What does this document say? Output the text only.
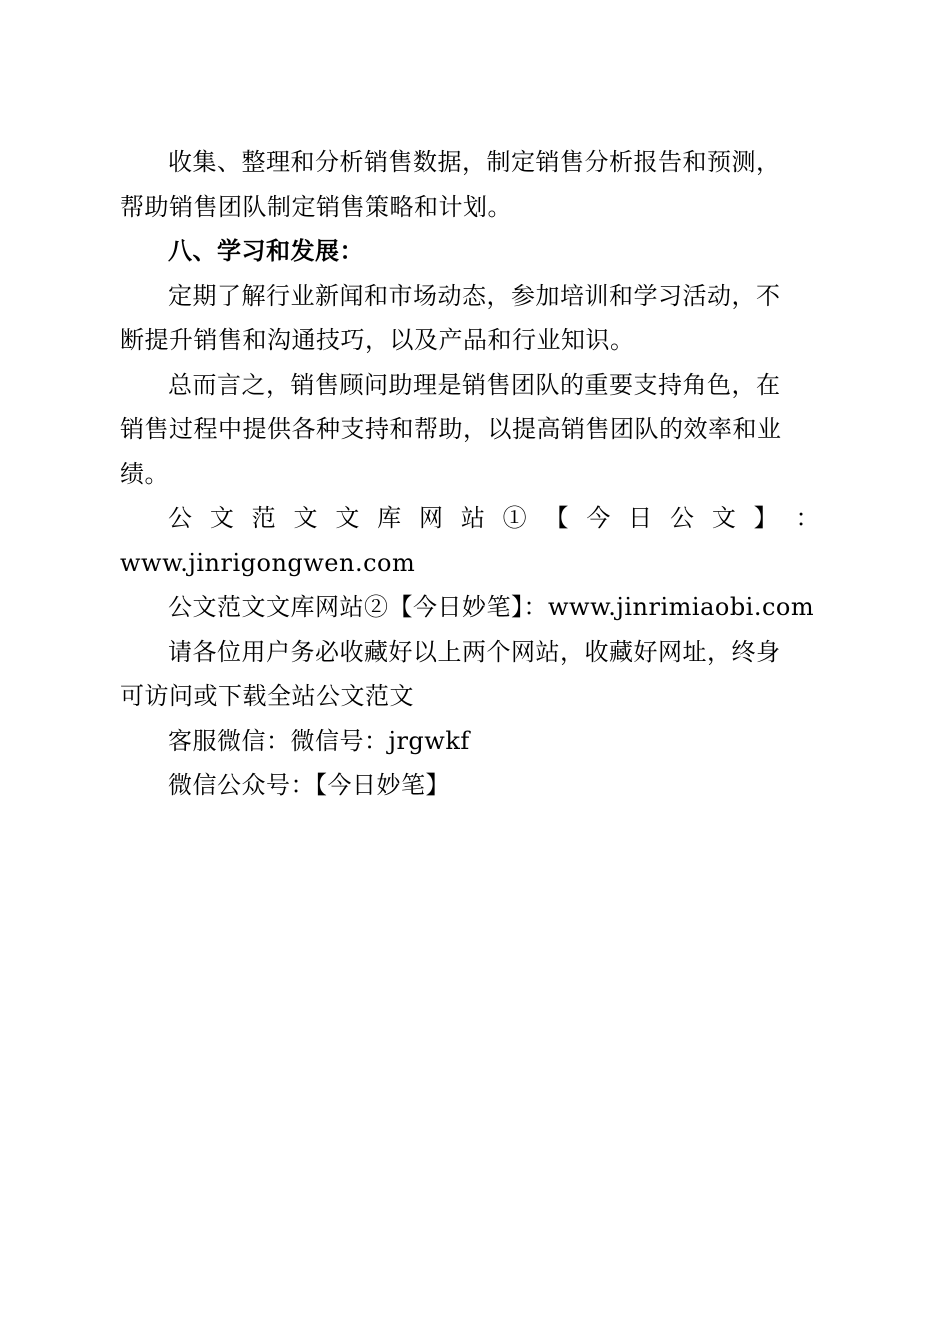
收集、整理和分析销售数据，制定销售分析报告和预测，
帮助销售团队制定销售策略和计划。

八、学习和发展：

定期了解行业新闻和市场动态，参加培训和学习活动，不
断提升销售和沟通技巧，以及产品和行业知识。

总而言之，销售顾问助理是销售团队的重要支持角色，在
销售过程中提供各种支持和帮助，以提高销售团队的效率和业
绩。

公 文 范 文 文 库 网 站 ① 【 今 日 公 文 】 ：
www.jinrigongwen.com

公文范文文库网站②【今日妙笔】：www.jinrimiaobi.com

请各位用户务必收藏好以上两个网站，收藏好网址，终身
可访问或下载全站公文范文

客服微信：微信号：jrgwkf

微信公众号：【今日妙笔】
